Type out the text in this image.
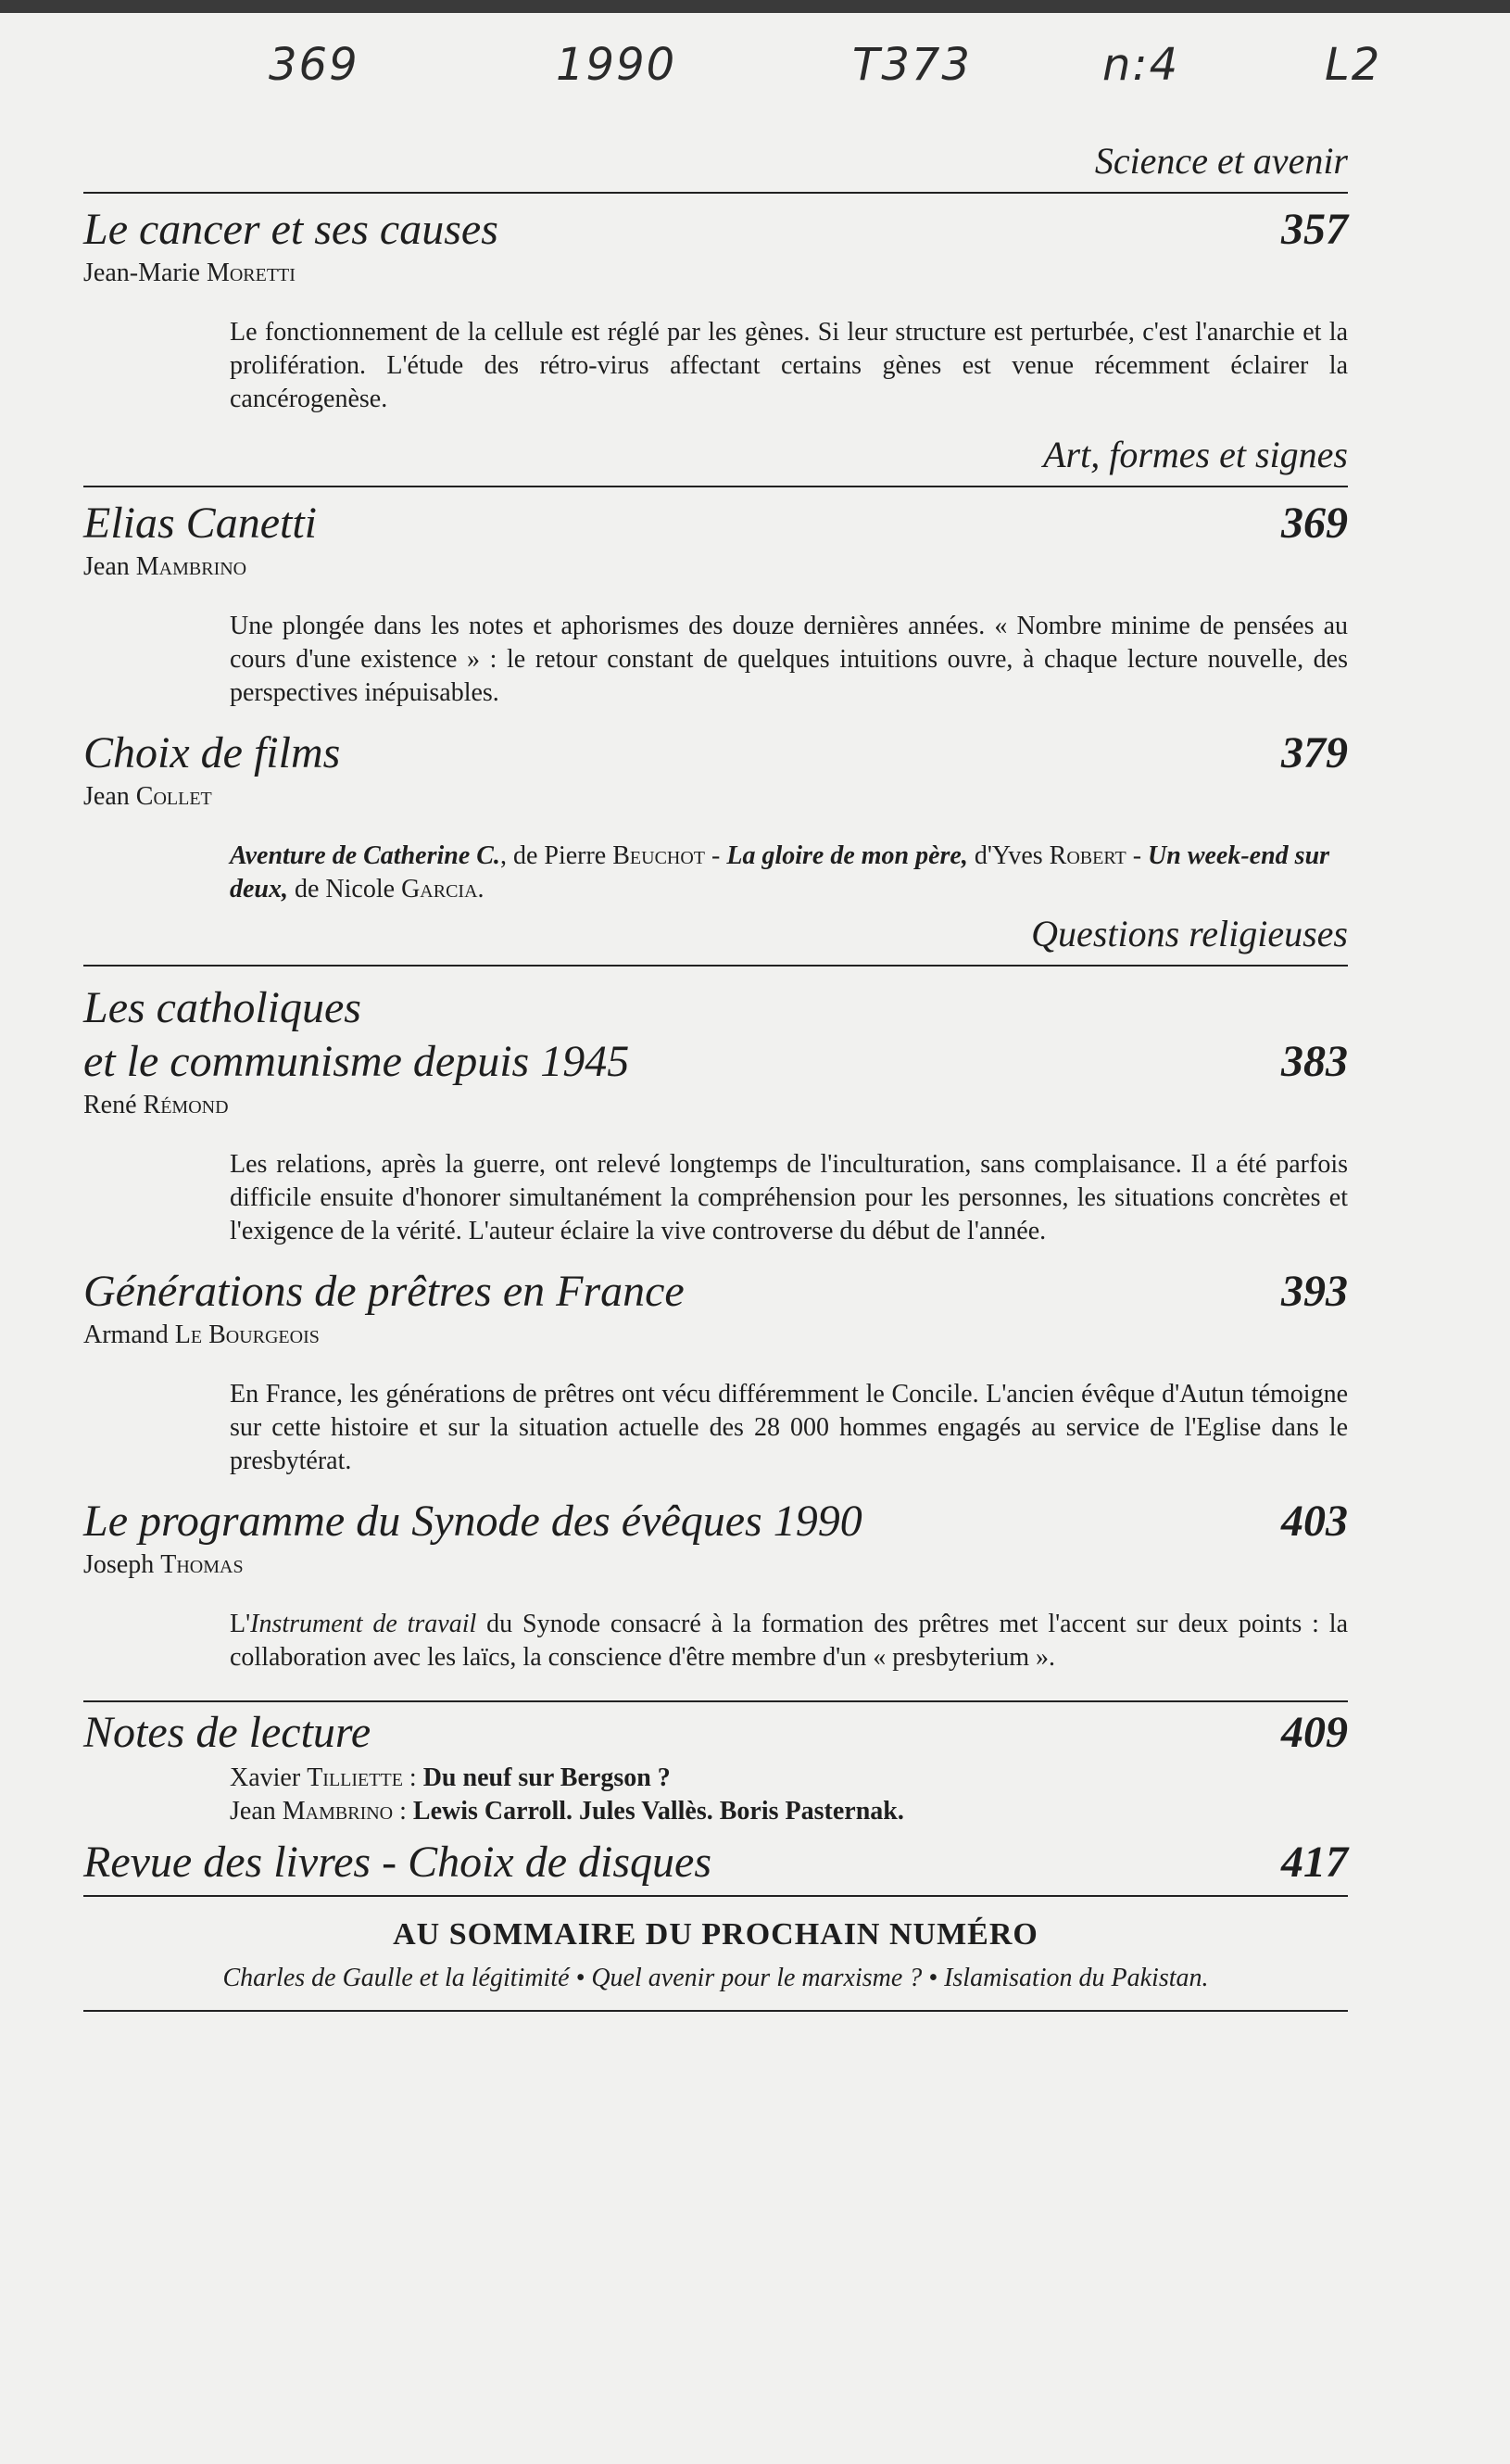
369	1990	T373	n:4	L2
Science et avenir
Le cancer et ses causes	357
Jean-Marie Moretti
Le fonctionnement de la cellule est réglé par les gènes. Si leur structure est perturbée, c'est l'anarchie et la prolifération. L'étude des rétro-virus affectant certains gènes est venue récemment éclairer la cancérogenèse.
Art, formes et signes
Elias Canetti	369
Jean Mambrino
Une plongée dans les notes et aphorismes des douze dernières années. « Nombre minime de pensées au cours d'une existence » : le retour constant de quelques intuitions ouvre, à chaque lecture nouvelle, des perspectives inépuisables.
Choix de films	379
Jean Collet
Aventure de Catherine C., de Pierre Beuchot - La gloire de mon père, d'Yves Robert - Un week-end sur deux, de Nicole Garcia.
Questions religieuses
Les catholiques
et le communisme depuis 1945	383
René Rémond
Les relations, après la guerre, ont relevé longtemps de l'inculturation, sans complaisance. Il a été parfois difficile ensuite d'honorer simultanément la compréhension pour les personnes, les situations concrètes et l'exigence de la vérité. L'auteur éclaire la vive controverse du début de l'année.
Générations de prêtres en France	393
Armand Le Bourgeois
En France, les générations de prêtres ont vécu différemment le Concile. L'ancien évêque d'Autun témoigne sur cette histoire et sur la situation actuelle des 28 000 hommes engagés au service de l'Eglise dans le presbytérat.
Le programme du Synode des évêques 1990	403
Joseph Thomas
L'Instrument de travail du Synode consacré à la formation des prêtres met l'accent sur deux points : la collaboration avec les laïcs, la conscience d'être membre d'un « presbyterium ».
Notes de lecture	409
Xavier Tilliette : Du neuf sur Bergson ?
Jean Mambrino : Lewis Carroll. Jules Vallès. Boris Pasternak.
Revue des livres - Choix de disques	417
AU SOMMAIRE DU PROCHAIN NUMÉRO
Charles de Gaulle et la légitimité • Quel avenir pour le marxisme ? • Islamisation du Pakistan.
